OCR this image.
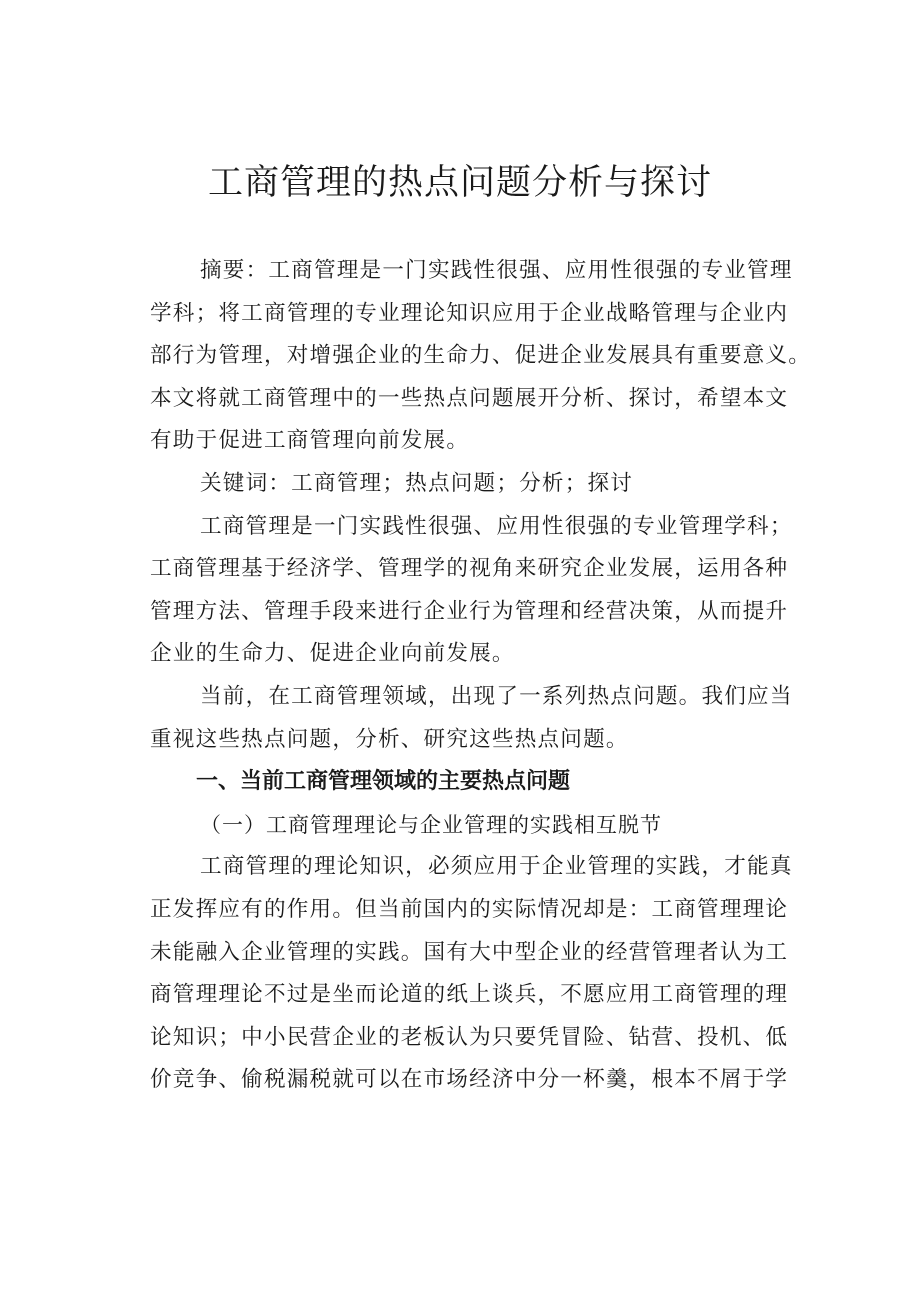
工商管理的热点问题分析与探讨
摘要：工商管理是一门实践性很强、应用性很强的专业管理
学科；将工商管理的专业理论知识应用于企业战略管理与企业内
部行为管理，对增强企业的生命力、促进企业发展具有重要意义。
本文将就工商管理中的一些热点问题展开分析、探讨，希望本文
有助于促进工商管理向前发展。
关键词：工商管理；热点问题；分析；探讨
工商管理是一门实践性很强、应用性很强的专业管理学科；
工商管理基于经济学、管理学的视角来研究企业发展，运用各种
管理方法、管理手段来进行企业行为管理和经营决策，从而提升
企业的生命力、促进企业向前发展。
当前，在工商管理领域，出现了一系列热点问题。我们应当
重视这些热点问题，分析、研究这些热点问题。
一、当前工商管理领域的主要热点问题
（一）工商管理理论与企业管理的实践相互脱节
工商管理的理论知识，必须应用于企业管理的实践，才能真
正发挥应有的作用。但当前国内的实际情况却是：工商管理理论
未能融入企业管理的实践。国有大中型企业的经营管理者认为工
商管理理论不过是坐而论道的纸上谈兵，不愿应用工商管理的理
论知识；中小民营企业的老板认为只要凭冒险、钻营、投机、低
价竞争、偷税漏税就可以在市场经济中分一杯羹，根本不屑于学
